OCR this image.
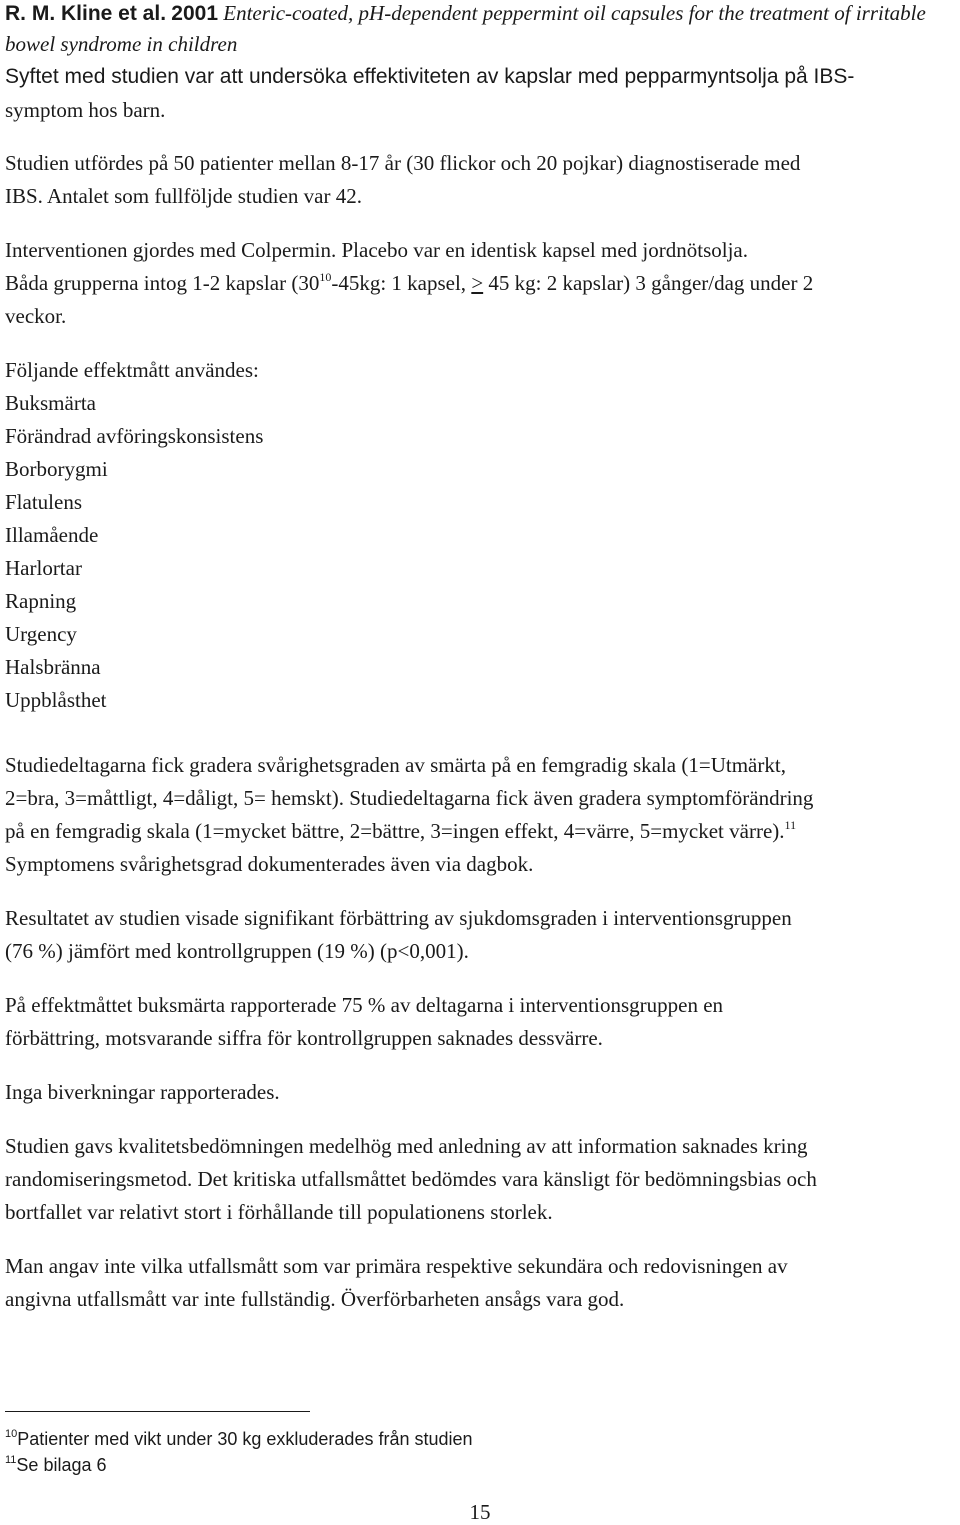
R. M. Kline et al. 2001 Enteric-coated, pH-dependent peppermint oil capsules for the treatment of irritable

bowel syndrome in children

Syftet med studien var att undersöka effektiviteten av kapslar med pepparmyntsolja på IBS-

symptom hos barn.

Studien utfördes på 50 patienter mellan 8-17 år (30 flickor och 20 pojkar) diagnostiserade med

IBS. Antalet som fullföljde studien var 42.

Interventionen gjordes med Colpermin. Placebo var en identisk kapsel med jordnötsolja.

Båda grupperna intog 1-2 kapslar ($30^{10}-45kg$: 1 kapsel, > 45 kg: 2 kapslar) 3 gånger/dag under 2

veckor.

Följande effektmått användes:

Buksmärta

Förändrad avföringskonsistens

Borborygmi

Flatulens

Illamående

Harlortar

Rapning

Urgency

Halsbränna

Uppblåsthet

Studiedeltagarna fick gradera svårighetsgraden av smärta på en femgradig skala (1=Utmärkt,

2=bra, 3=måttligt, 4=dåligt, 5= hemskt). Studiedeltagarna fick även gradera symptomförändring

på en femgradig skala (1=mycket bättre, 2=bättre, 3=ingen effekt, 4=värre, 5=mycket värre).$^{11}$

Symptomens svårighetsgrad dokumenterades även via dagbok.

Resultatet av studien visade signifikant förbättring av sjukdomsgraden i interventionsgruppen

(76 %) jämfört med kontrollgruppen (19 %) (p<0,001).

På effektmåttet buksmärta rapporterade 75 % av deltagarna i interventionsgruppen en

förbättring, motsvarande siffra för kontrollgruppen saknades dessvärre.

Inga biverkningar rapporterades.

Studien gavs kvalitetsbedömningen medelhög med anledning av att information saknades kring

randomiseringsmetod. Det kritiska utfallsmåttet bedömdes vara känsligt för bedömningsbias och

bortfallet var relativt stort i förhållande till populationens storlek.

Man angav inte vilka utfallsmått som var primära respektive sekundära och redovisningen av

angivna utfallsmått var inte fullständig. Överförbarheten ansågs vara god.

$^{10}$Patienter med vikt under 30 kg exkluderades från studien

$^{11}$Se bilaga 6

15
